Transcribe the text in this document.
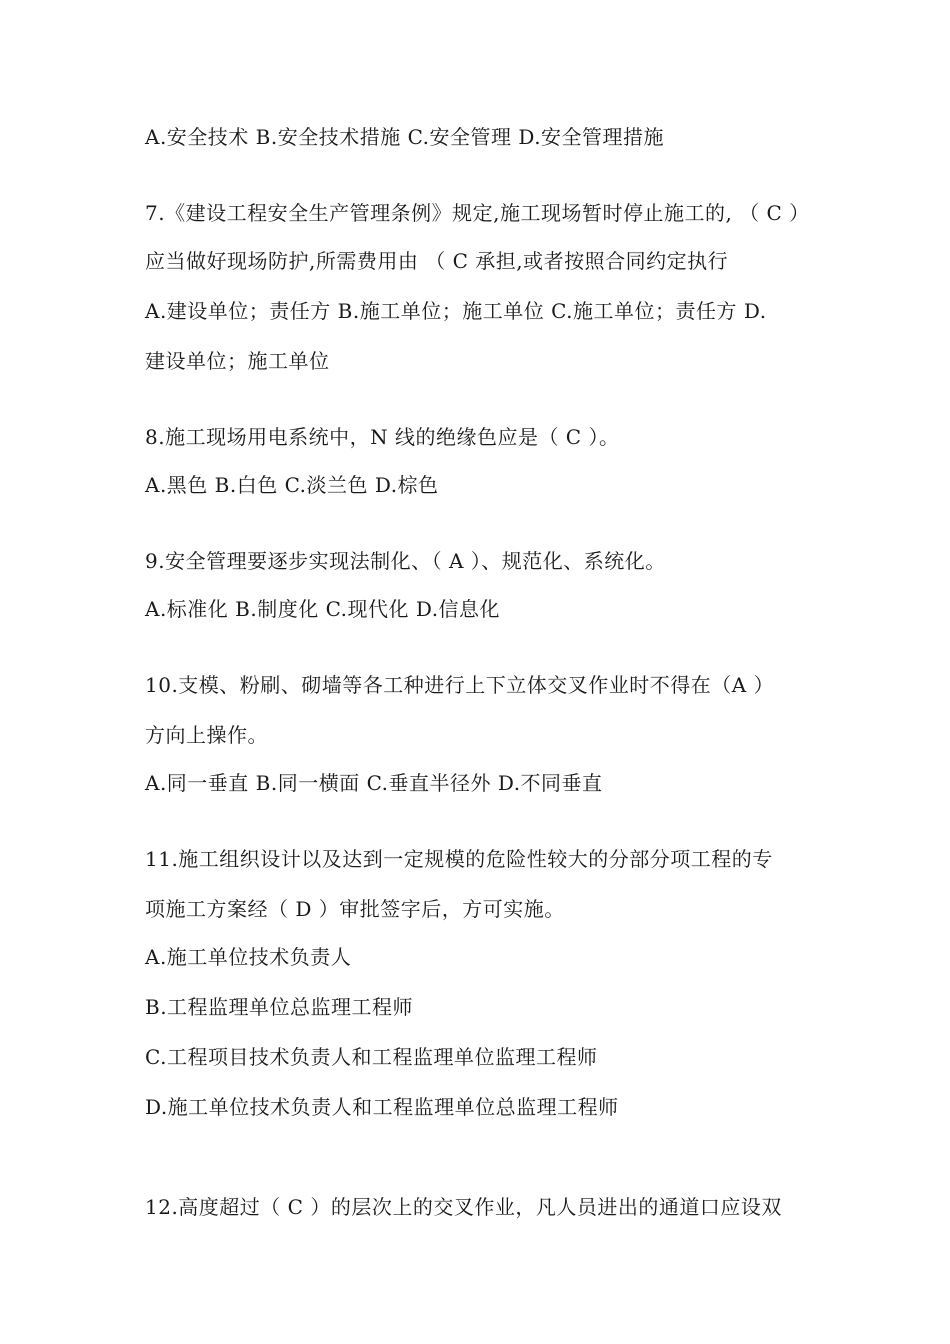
A.安全技术 B.安全技术措施 C.安全管理 D.安全管理措施
7.《建设工程安全生产管理条例》规定,施工现场暂时停止施工的, （ C ）
应当做好现场防护,所需费用由 （ C 承担,或者按照合同约定执行
A.建设单位；责任方 B.施工单位；施工单位 C.施工单位；责任方 D.
建设单位；施工单位
8.施工现场用电系统中，N 线的绝缘色应是（ C ）。
A.黑色 B.白色 C.淡兰色 D.棕色
9.安全管理要逐步实现法制化、（ A ）、规范化、系统化。
A.标准化 B.制度化 C.现代化 D.信息化
10.支模、粉刷、砌墙等各工种进行上下立体交叉作业时不得在（A ）
方向上操作。
A.同一垂直 B.同一横面 C.垂直半径外 D.不同垂直
11.施工组织设计以及达到一定规模的危险性较大的分部分项工程的专
项施工方案经（ D ）审批签字后，方可实施。
A.施工单位技术负责人
B.工程监理单位总监理工程师
C.工程项目技术负责人和工程监理单位监理工程师
D.施工单位技术负责人和工程监理单位总监理工程师
12.高度超过（ C ）的层次上的交叉作业，凡人员进出的通道口应设双
